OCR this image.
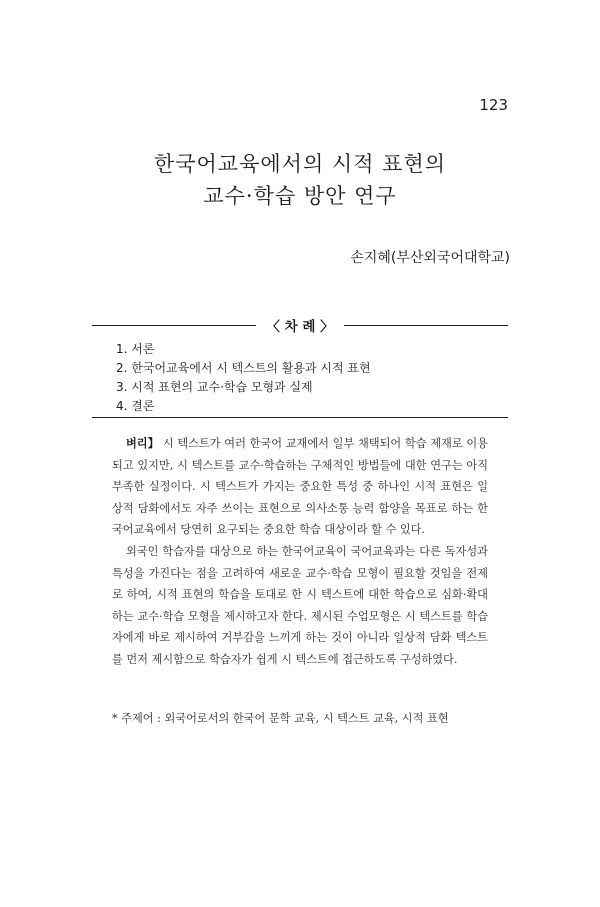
123
한국어교육에서의 시적 표현의
교수·학습 방안 연구
손지혜(부산외국어대학교)
〈 차 례 〉
1. 서론
2. 한국어교육에서 시 텍스트의 활용과 시적 표현
3. 시적 표현의 교수·학습 모형과 실제
4. 결론

벼리】 시 텍스트가 여러 한국어 교재에서 일부 채택되어 학습 제재로 이용되고 있지만, 시 텍스트를 교수·학습하는 구체적인 방법들에 대한 연구는 아직 부족한 실정이다. 시 텍스트가 가지는 중요한 특성 중 하나인 시적 표현은 일상적 담화에서도 자주 쓰이는 표현으로 의사소통 능력 함양을 목표로 하는 한국어교육에서 당연히 요구되는 중요한 학습 대상이라 할 수 있다.

외국인 학습자를 대상으로 하는 한국어교육이 국어교육과는 다른 독자성과 특성을 가진다는 점을 고려하여 새로운 교수·학습 모형이 필요할 것임을 전제로 하여, 시적 표현의 학습을 토대로 한 시 텍스트에 대한 학습으로 심화·확대하는 교수·학습 모형을 제시하고자 한다. 제시된 수업모형은 시 텍스트를 학습자에게 바로 제시하여 거부감을 느끼게 하는 것이 아니라 일상적 담화 텍스트를 먼저 제시함으로 학습자가 쉽게 시 텍스트에 접근하도록 구성하였다.

* 주제어 : 외국어로서의 한국어 문학 교육, 시 텍스트 교육, 시적 표현
